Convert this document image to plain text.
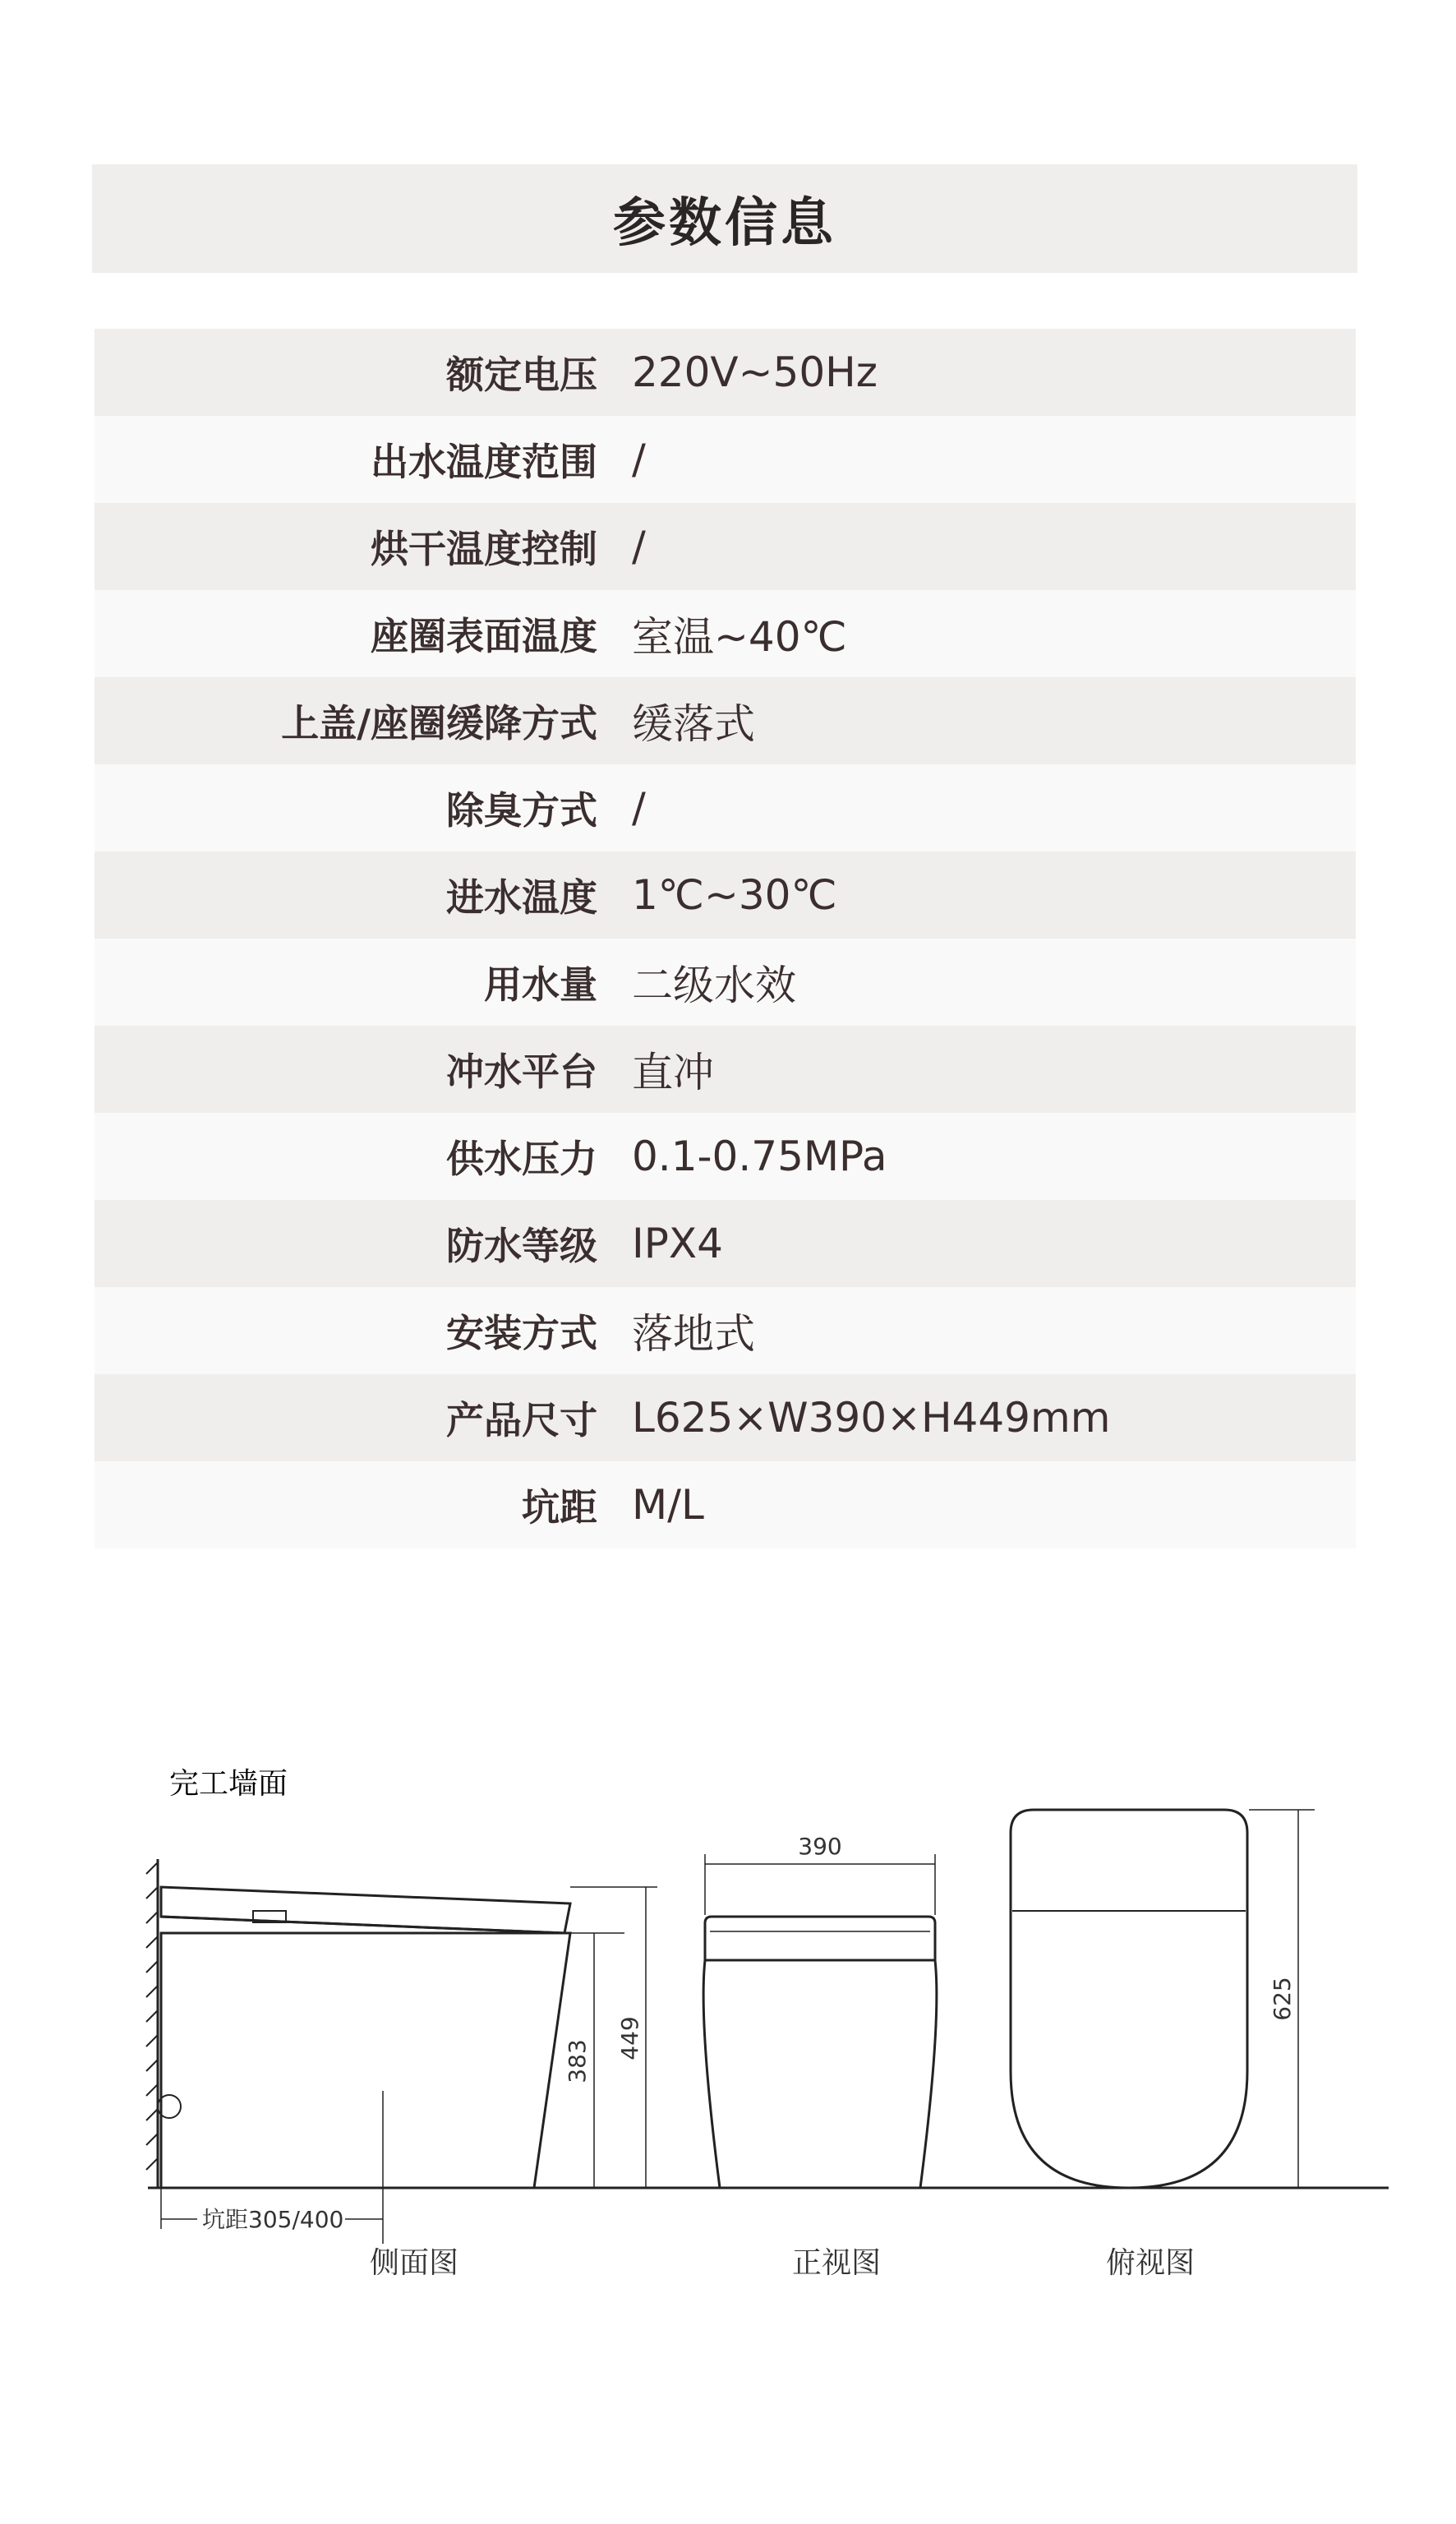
参数信息
额定电压 220V~50Hz
出水温度范围 /
烘干温度控制 /
座圈表面温度 室温~40℃
上盖/座圈缓降方式 缓落式
除臭方式 /
进水温度 1℃~30℃
用水量 二级水效
冲水平台 直冲
供水压力 0.1-0.75MPa
防水等级 IPX4
安装方式 落地式
产品尺寸 L625×W390×H449mm
坑距 M/L
完工墙面
坑距305/400
383
449
390
625
侧面图	正视图	俯视图
